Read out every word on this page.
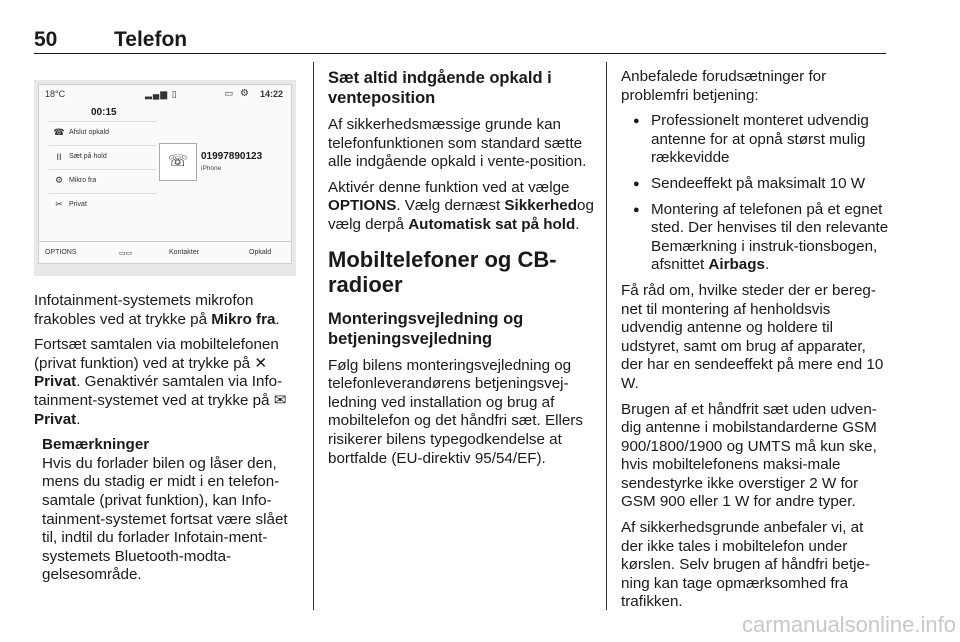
50	Telefon
18°C	▂▄▆ ▯	▭ ⚙ 14:22
00:15
☎ Afslut opkald
II	Sæt på hold
⚙ Mikro fra
✂ Privat
☏	01997890123
iPhone
OPTIONS	▭▭	Kontakter	Opkald

Infotainment-systemets mikrofon frakobles ved at trykke på Mikro fra.

Fortsæt samtalen via mobiltelefonen (privat funktion) ved at trykke på ✕ Privat. Genaktivér samtalen via Info-tainment-systemet ved at trykke på ✉ Privat.

Bemærkninger
Hvis du forlader bilen og låser den, mens du stadig er midt i en telefon-samtale (privat funktion), kan Info-tainment-systemet fortsat være slået til, indtil du forlader Infotain-ment-systemets Bluetooth-modta-gelsesområde.
Sæt altid indgående opkald i venteposition

Af sikkerhedsmæssige grunde kan telefonfunktionen som standard sætte alle indgående opkald i vente-position.

Aktivér denne funktion ved at vælge OPTIONS. Vælg dernæst Sikkerhedog vælg derpå Automatisk sat på hold.

Mobiltelefoner og CB-radioer
Monteringsvejledning og betjeningsvejledning

Følg bilens monteringsvejledning og telefonleverandørens betjeningsvej-ledning ved installation og brug af mobiltelefon og det håndfri sæt. Ellers risikerer bilens typegodkendelse at bortfalde (EU-direktiv 95/54/EF).

Anbefalede forudsætninger for problemfri betjening:

● Professionelt monteret udvendig antenne for at opnå størst mulig rækkevidde
● Sendeeffekt på maksimalt 10 W
● Montering af telefonen på et egnet sted. Der henvises til den relevante Bemærkning i instruk-tionsbogen, afsnittet Airbags.

Få råd om, hvilke steder der er bereg-net til montering af henholdsvis udvendig antenne og holdere til udstyret, samt om brug af apparater, der har en sendeeffekt på mere end 10 W.

Brugen af et håndfrit sæt uden udven-dig antenne i mobilstandarderne GSM 900/1800/1900 og UMTS må kun ske, hvis mobiltelefonens maksi-male sendestyrke ikke overstiger 2 W for GSM 900 eller 1 W for andre typer.

Af sikkerhedsgrunde anbefaler vi, at der ikke tales i mobiltelefon under kørslen. Selv brugen af håndfri betje-ning kan tage opmærksomhed fra trafikken.

carmanualsonline.info
